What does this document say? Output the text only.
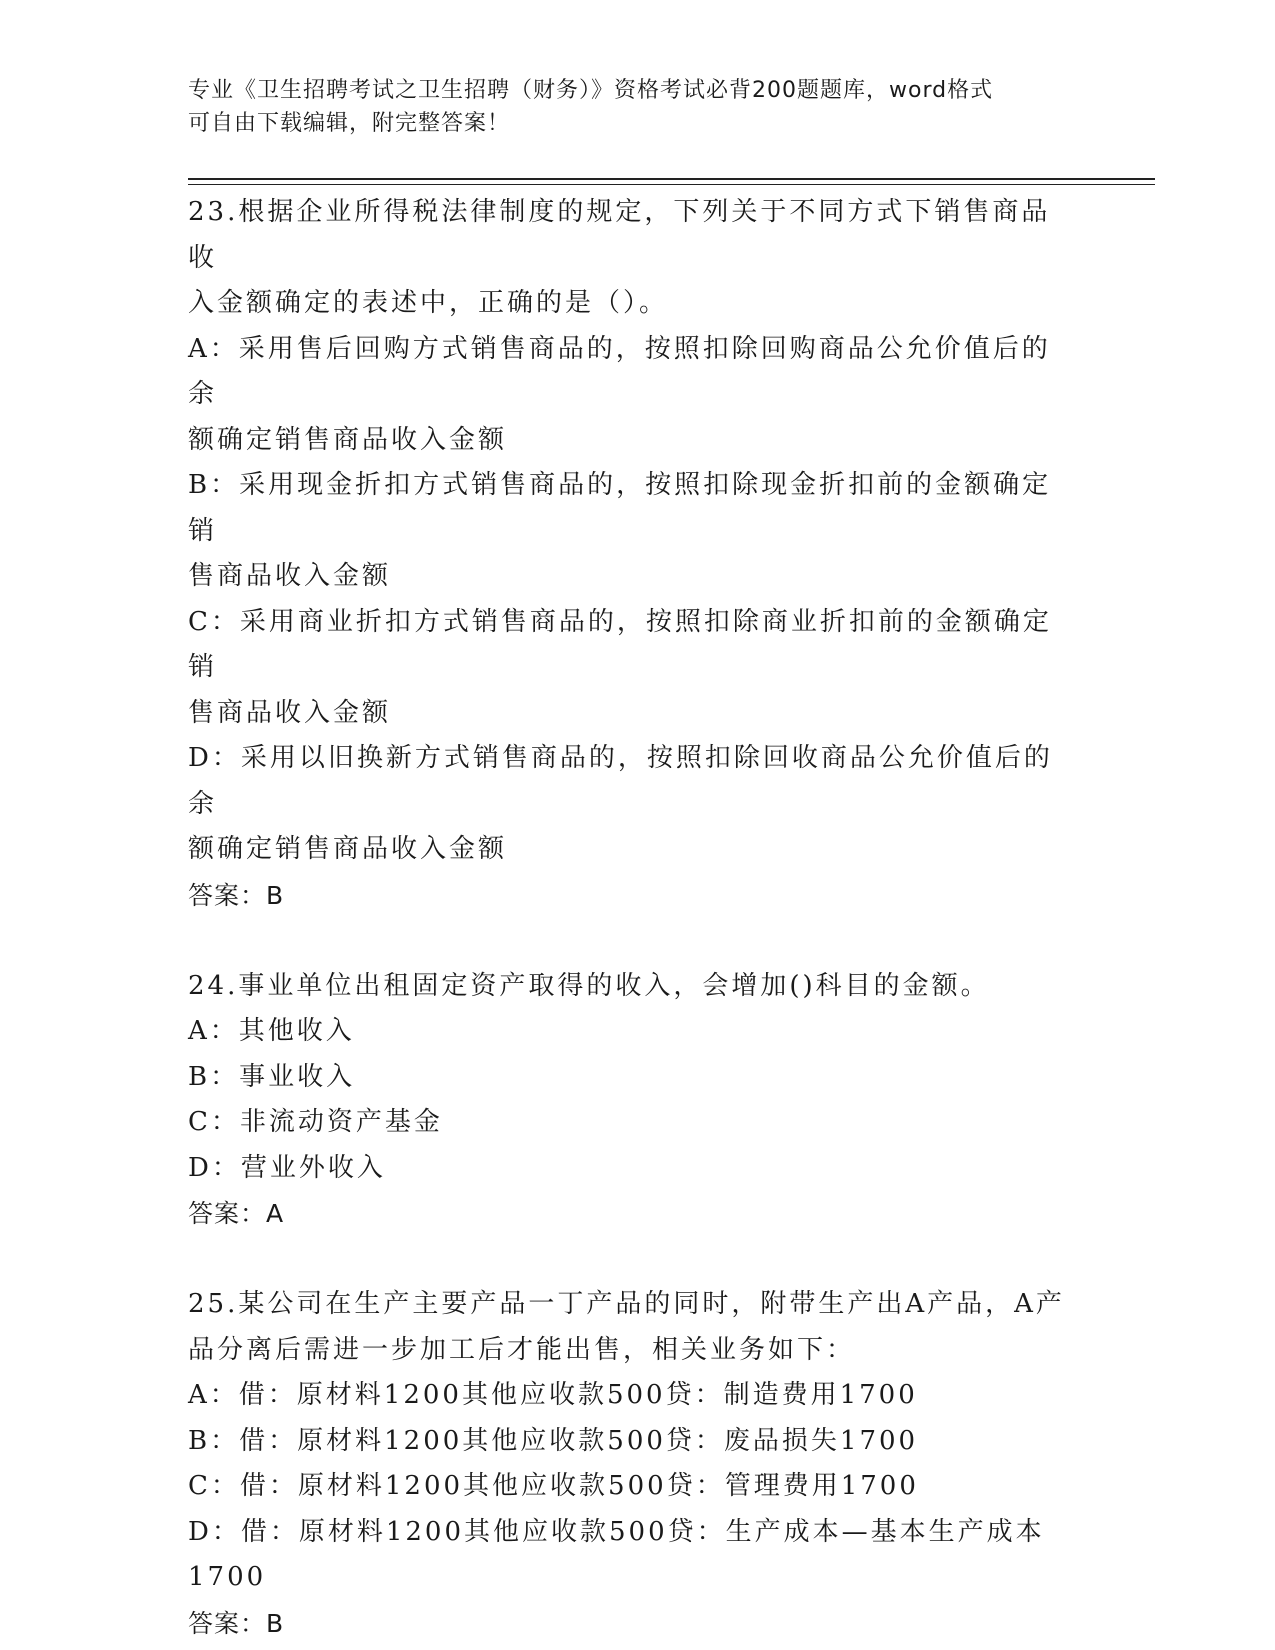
专业《卫生招聘考试之卫生招聘（财务）》资格考试必背200题题库，word格式
可自由下载编辑，附完整答案！

23.根据企业所得税法律制度的规定，下列关于不同方式下销售商品收
入金额确定的表述中，正确的是（）。

A：采用售后回购方式销售商品的，按照扣除回购商品公允价值后的余
额确定销售商品收入金额

B：采用现金折扣方式销售商品的，按照扣除现金折扣前的金额确定销
售商品收入金额

C：采用商业折扣方式销售商品的，按照扣除商业折扣前的金额确定销
售商品收入金额

D：采用以旧换新方式销售商品的，按照扣除回收商品公允价值后的余
额确定销售商品收入金额

答案：B

24.事业单位出租固定资产取得的收入，会增加()科目的金额。

A：其他收入

B：事业收入

C：非流动资产基金

D：营业外收入

答案：A

25.某公司在生产主要产品一丁产品的同时，附带生产出A产品，A产
品分离后需进一步加工后才能出售，相关业务如下：

A：借：原材料1200其他应收款500贷：制造费用1700

B：借：原材料1200其他应收款500贷：废品损失1700

C：借：原材料1200其他应收款500贷：管理费用1700

D：借：原材料1200其他应收款500贷：生产成本—基本生产成本
1700

答案：B
